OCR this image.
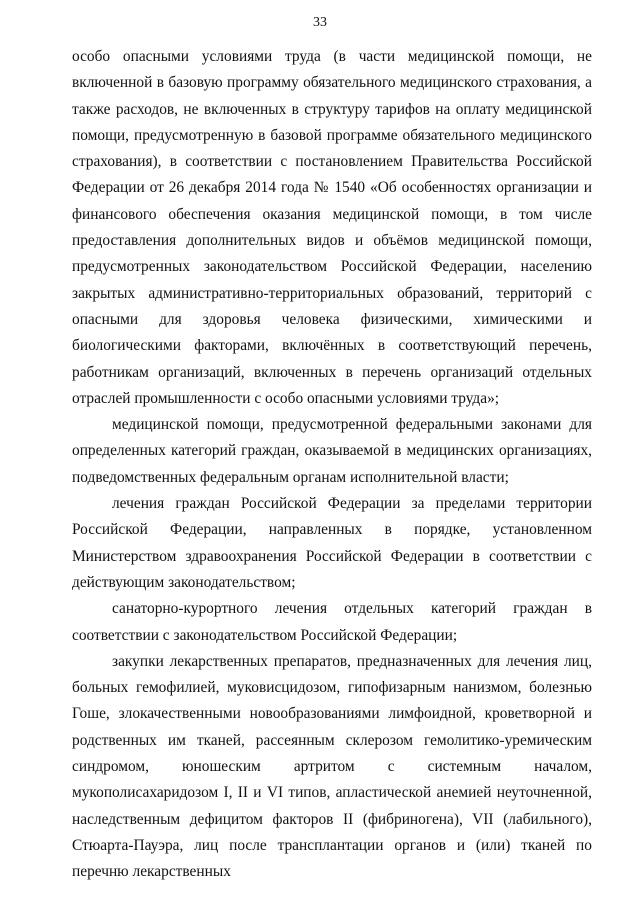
33

особо опасными условиями труда (в части медицинской помощи, не включенной в базовую программу обязательного медицинского страхования, а также расходов, не включенных в структуру тарифов на оплату медицинской помощи, предусмотренную в базовой программе обязательного медицинского страхования), в соответствии с постановлением Правительства Российской Федерации от 26 декабря 2014 года № 1540 «Об особенностях организации и финансового обеспечения оказания медицинской помощи, в том числе предоставления дополнительных видов и объёмов медицинской помощи, предусмотренных законодательством Российской Федерации, населению закрытых административно-территориальных образований, территорий с опасными для здоровья человека физическими, химическими и биологическими факторами, включённых в соответствующий перечень, работникам организаций, включенных в перечень организаций отдельных отраслей промышленности с особо опасными условиями труда»;

медицинской помощи, предусмотренной федеральными законами для определенных категорий граждан, оказываемой в медицинских организациях, подведомственных федеральным органам исполнительной власти;

лечения граждан Российской Федерации за пределами территории Российской Федерации, направленных в порядке, установленном Министерством здравоохранения Российской Федерации в соответствии с действующим законодательством;

санаторно-курортного лечения отдельных категорий граждан в соответствии с законодательством Российской Федерации;

закупки лекарственных препаратов, предназначенных для лечения лиц, больных гемофилией, муковисцидозом, гипофизарным нанизмом, болезнью Гоше, злокачественными новообразованиями лимфоидной, кроветворной и родственных им тканей, рассеянным склерозом гемолитико-уремическим синдромом, юношеским артритом с системным началом, мукополисахаридозом I, II и VI типов, апластической анемией неуточненной, наследственным дефицитом факторов II (фибриногена), VII (лабильного), Стюарта-Пауэра, лиц после трансплантации органов и (или) тканей по перечню лекарственных
